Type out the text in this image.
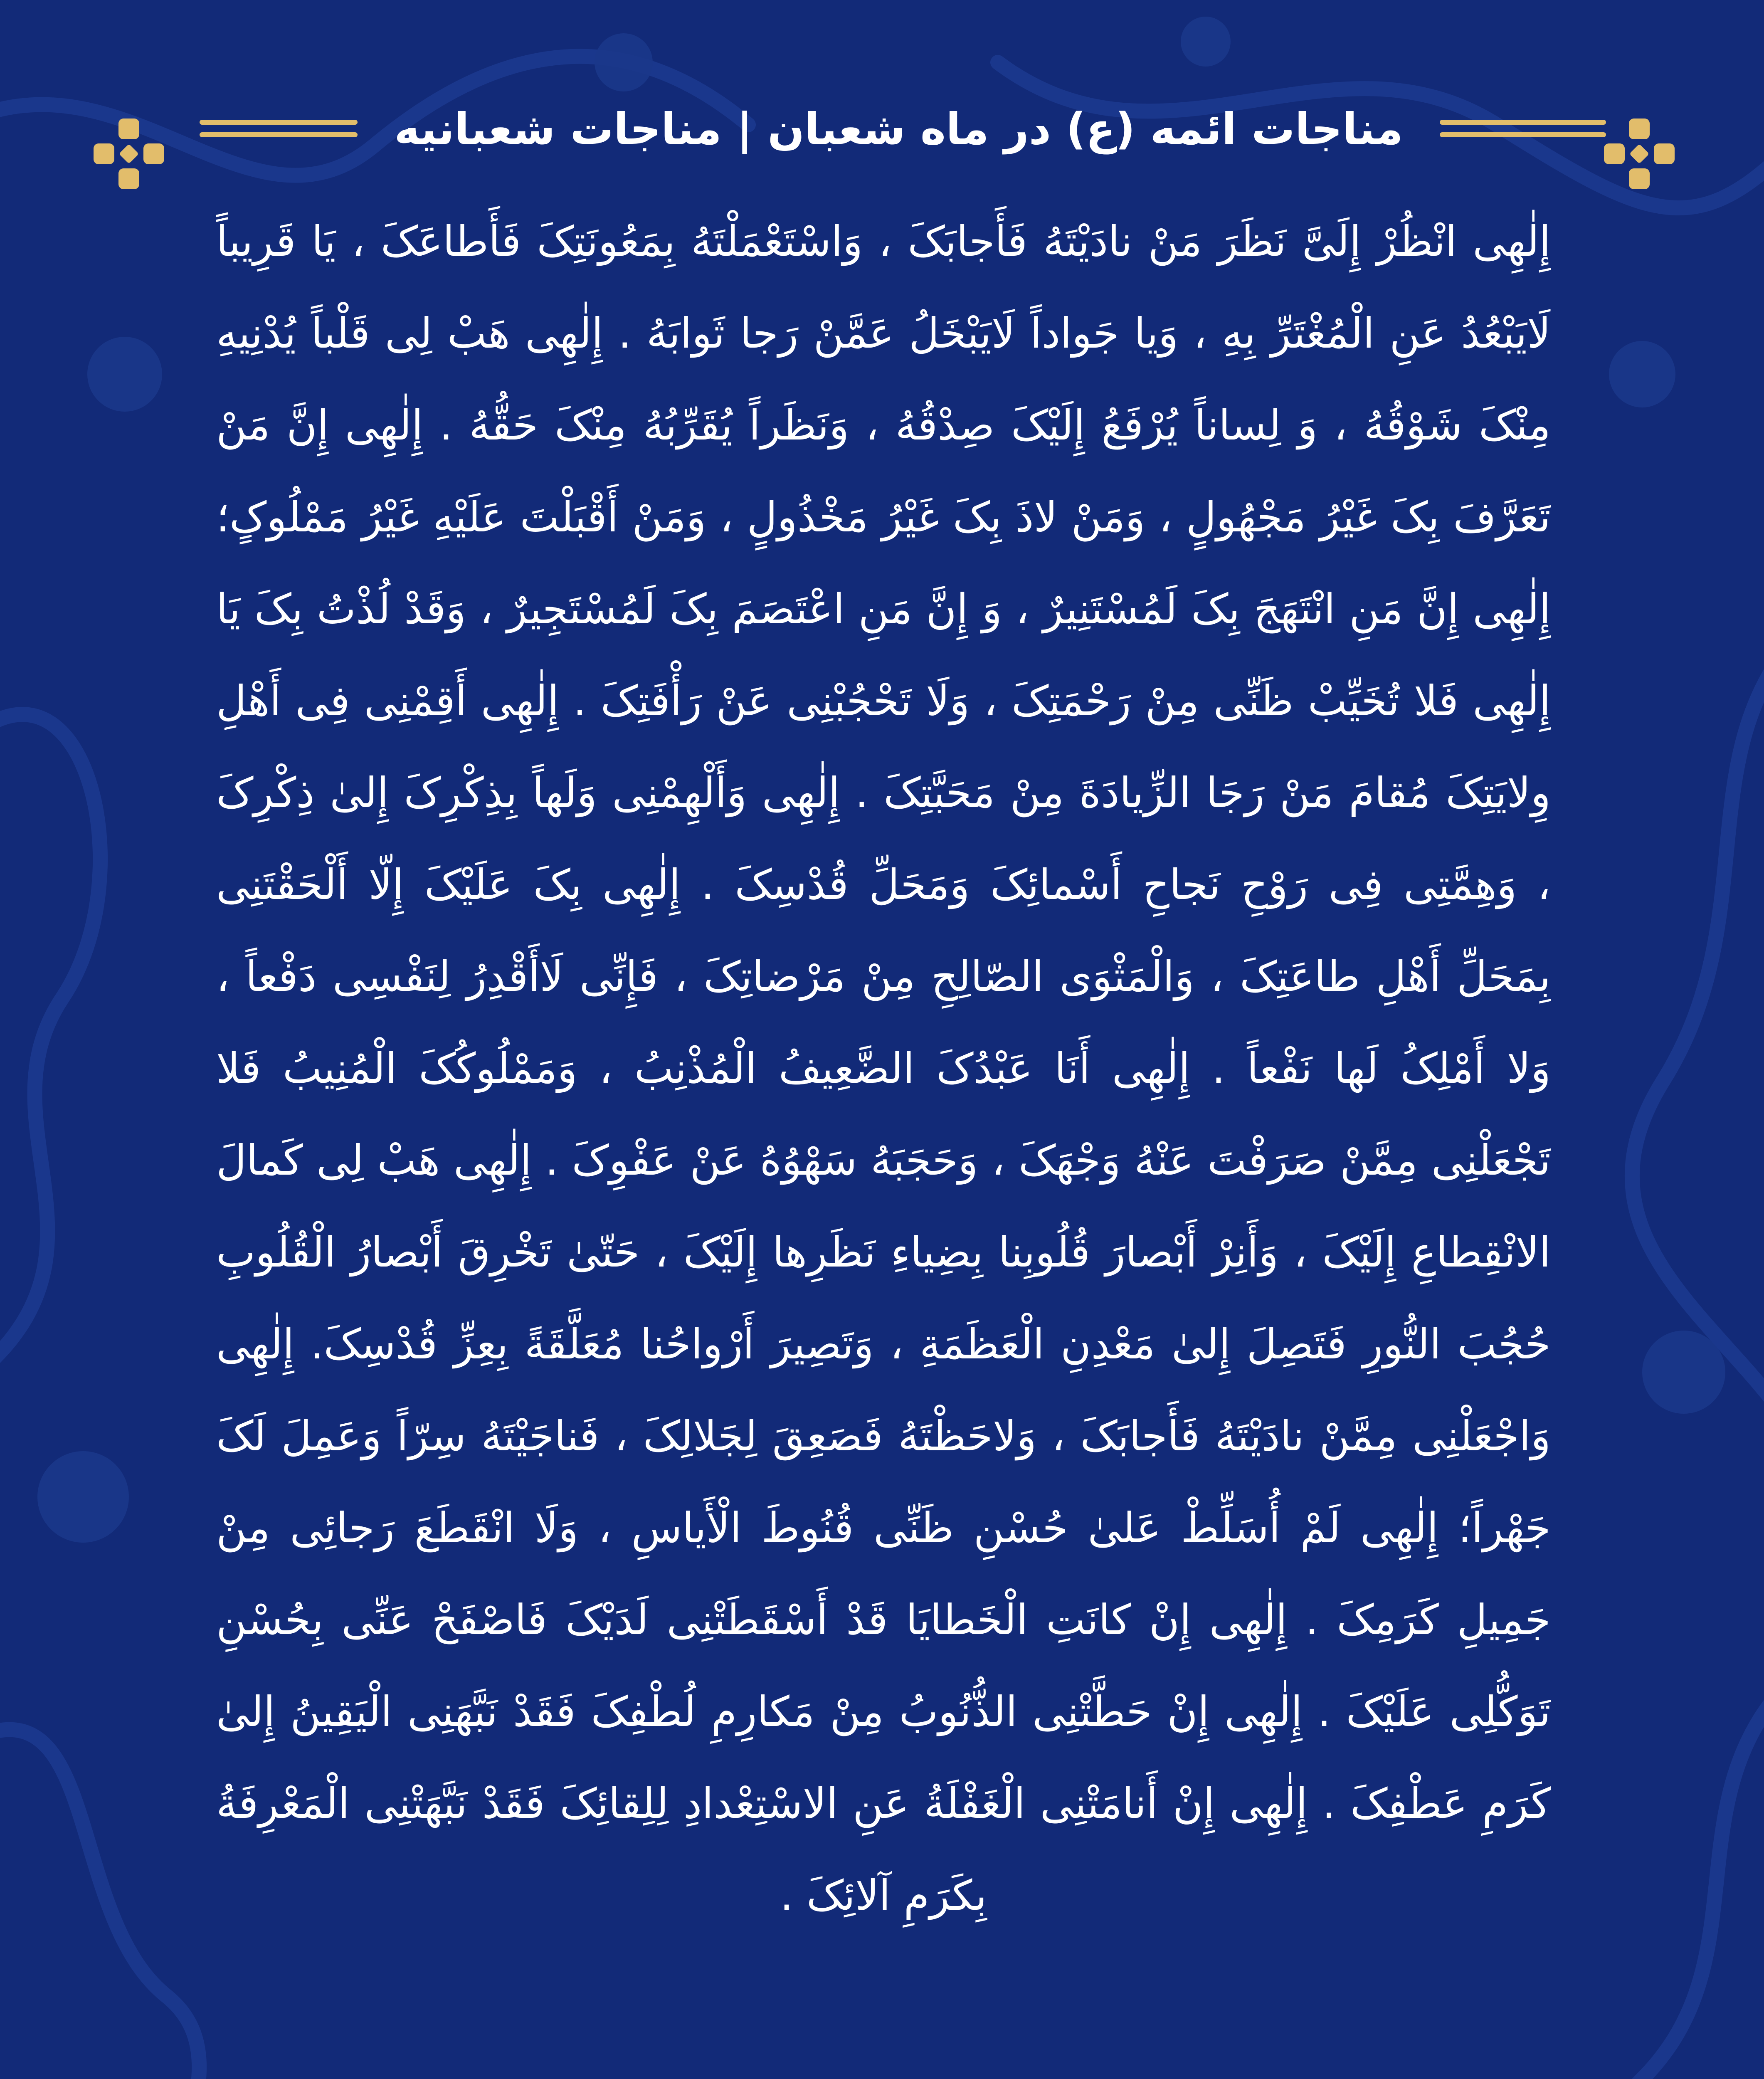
مناجات ائمه (ع) در ماه شعبان | مناجات شعبانیه
إِلٰهِی انْظُرْ إِلَیَّ نَظَرَ مَنْ نادَیْتَهُ فَأَجابَکَ ، وَاسْتَعْمَلْتَهُ بِمَعُونَتِکَ فَأَطاعَکَ ، یَا قَرِیباً لَایَبْعُدُ عَنِ الْمُغْتَرِّ بِهِ ، وَیا جَواداً لَایَبْخَلُ عَمَّنْ رَجا ثَوابَهُ . إِلٰهِی هَبْ لِی قَلْباً یُدْنِیهِ مِنْکَ شَوْقُهُ ، وَ لِساناً یُرْفَعُ إِلَیْکَ صِدْقُهُ ، وَنَظَراً یُقَرِّبُهُ مِنْکَ حَقُّهُ . إِلٰهِی إِنَّ مَنْ تَعَرَّفَ بِکَ غَیْرُ مَجْهُولٍ ، وَمَنْ لاذَ بِکَ غَیْرُ مَخْذُولٍ ، وَمَنْ أَقْبَلْتَ عَلَیْهِ غَیْرُ مَمْلُوکٍ؛ إِلٰهِی إِنَّ مَنِ انْتَهَجَ بِکَ لَمُسْتَنِیرٌ ، وَ إِنَّ مَنِ اعْتَصَمَ بِکَ لَمُسْتَجِیرٌ ، وَقَدْ لُذْتُ بِکَ یَا إِلٰهِی فَلا تُخَیِّبْ ظَنِّی مِنْ رَحْمَتِکَ ، وَلَا تَحْجُبْنِی عَنْ رَأْفَتِکَ . إِلٰهِی أَقِمْنِی فِی أَهْلِ وِلایَتِکَ مُقامَ مَنْ رَجَا الزِّیادَةَ مِنْ مَحَبَّتِکَ . إِلٰهِی وَأَلْهِمْنِی وَلَهاً بِذِکْرِکَ إِلیٰ ذِکْرِکَ ، وَهِمَّتِی فِی رَوْحِ نَجاحِ أَسْمائِکَ وَمَحَلِّ قُدْسِکَ . إِلٰهِی بِکَ عَلَیْکَ إِلّا أَلْحَقْتَنِی بِمَحَلِّ أَهْلِ طاعَتِکَ ، وَالْمَثْوَی الصّالِحِ مِنْ مَرْضاتِکَ ، فَإِنِّی لَاأَقْدِرُ لِنَفْسِی دَفْعاً ، وَلا أَمْلِکُ لَها نَفْعاً . إِلٰهِی أَنَا عَبْدُکَ الضَّعِیفُ الْمُذْنِبُ ، وَمَمْلُوکُکَ الْمُنِیبُ فَلا تَجْعَلْنِی مِمَّنْ صَرَفْتَ عَنْهُ وَجْهَکَ ، وَحَجَبَهُ سَهْوُهُ عَنْ عَفْوِکَ . إِلٰهِی هَبْ لِی کَمالَ الانْقِطاعِ إِلَیْکَ ، وَأَنِرْ أَبْصارَ قُلُوبِنا بِضِیاءِ نَظَرِها إِلَیْکَ ، حَتّیٰ تَخْرِقَ أَبْصارُ الْقُلُوبِ حُجُبَ النُّورِ فَتَصِلَ إِلیٰ مَعْدِنِ الْعَظَمَةِ ، وَتَصِیرَ أَرْواحُنا مُعَلَّقَةً بِعِزِّ قُدْسِکَ. إِلٰهِی وَاجْعَلْنِی مِمَّنْ نادَیْتَهُ فَأَجابَکَ ، وَلاحَظْتَهُ فَصَعِقَ لِجَلالِکَ ، فَناجَیْتَهُ سِرّاً وَعَمِلَ لَکَ جَهْراً؛ إِلٰهِی لَمْ أُسَلِّطْ عَلیٰ حُسْنِ ظَنِّی قُنُوطَ الْأَیاسِ ، وَلَا انْقَطَعَ رَجائِی مِنْ جَمِیلِ کَرَمِکَ . إِلٰهِی إِنْ کانَتِ الْخَطایَا قَدْ أَسْقَطَتْنِی لَدَیْکَ فَاصْفَحْ عَنِّی بِحُسْنِ تَوَکُّلِی عَلَیْکَ . إِلٰهِی إِنْ حَطَّتْنِی الذُّنُوبُ مِنْ مَکارِمِ لُطْفِکَ فَقَدْ نَبَّهَنِی الْیَقِینُ إِلیٰ کَرَمِ عَطْفِکَ . إِلٰهِی إِنْ أَنامَتْنِی الْغَفْلَةُ عَنِ الاسْتِعْدادِ لِلِقائِکَ فَقَدْ نَبَّهَتْنِی الْمَعْرِفَةُ بِکَرَمِ آلائِکَ .
